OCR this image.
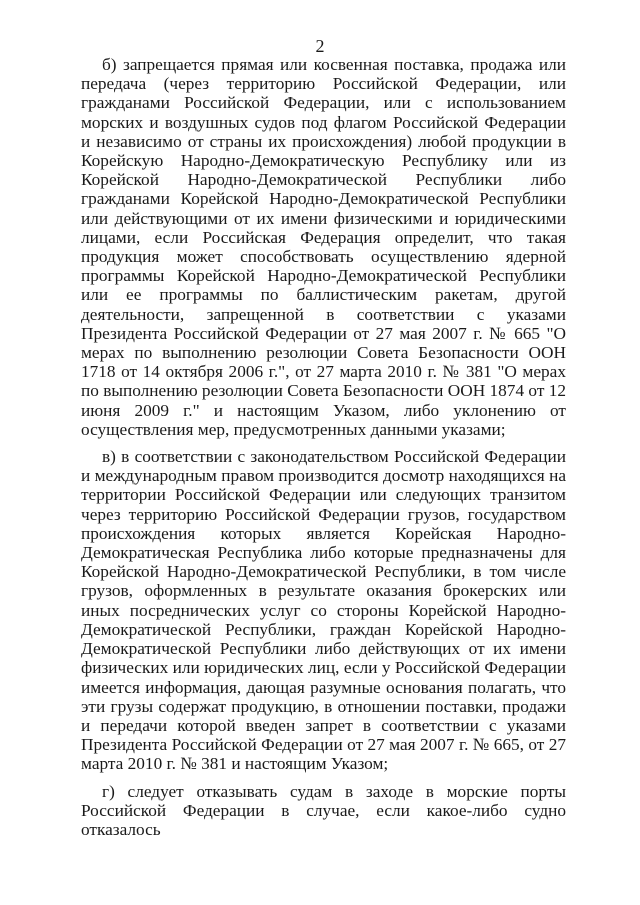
2

б) запрещается прямая или косвенная поставка, продажа или передача (через территорию Российской Федерации, или гражданами Российской Федерации, или с использованием морских и воздушных судов под флагом Российской Федерации и независимо от страны их происхождения) любой продукции в Корейскую Народно-Демократическую Республику или из Корейской Народно-Демократической Республики либо гражданами Корейской Народно-Демократической Республики или действующими от их имени физическими и юридическими лицами, если Российская Федерация определит, что такая продукция может способствовать осуществлению ядерной программы Корейской Народно-Демократической Республики или ее программы по баллистическим ракетам, другой деятельности, запрещенной в соответствии с указами Президента Российской Федерации от 27 мая 2007 г. № 665 "О мерах по выполнению резолюции Совета Безопасности ООН 1718 от 14 октября 2006 г.", от 27 марта 2010 г. № 381 "О мерах по выполнению резолюции Совета Безопасности ООН 1874 от 12 июня 2009 г." и настоящим Указом, либо уклонению от осуществления мер, предусмотренных данными указами;

в) в соответствии с законодательством Российской Федерации и международным правом производится досмотр находящихся на территории Российской Федерации или следующих транзитом через территорию Российской Федерации грузов, государством происхождения которых является Корейская Народно-Демократическая Республика либо которые предназначены для Корейской Народно-Демократической Республики, в том числе грузов, оформленных в результате оказания брокерских или иных посреднических услуг со стороны Корейской Народно-Демократической Республики, граждан Корейской Народно-Демократической Республики либо действующих от их имени физических или юридических лиц, если у Российской Федерации имеется информация, дающая разумные основания полагать, что эти грузы содержат продукцию, в отношении поставки, продажи и передачи которой введен запрет в соответствии с указами Президента Российской Федерации от 27 мая 2007 г. № 665, от 27 марта 2010 г. № 381 и настоящим Указом;

г) следует отказывать судам в заходе в морские порты Российской Федерации в случае, если какое-либо судно отказалось
